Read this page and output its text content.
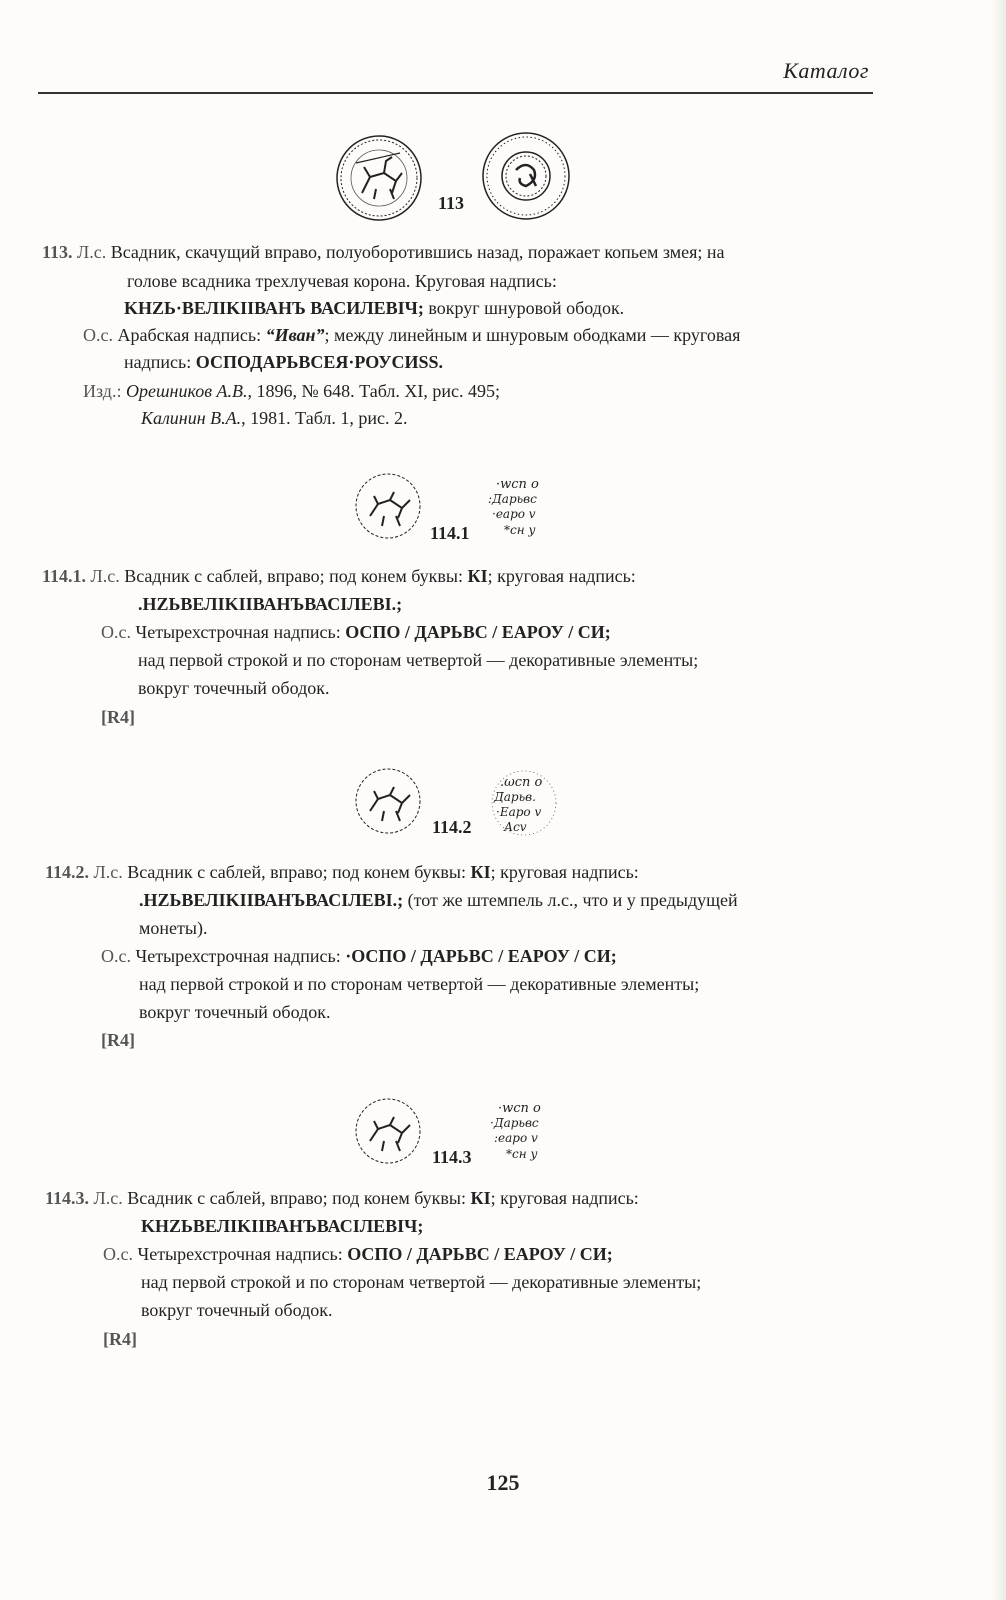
Каталог
113
113. Л.с. Всадник, скачущий вправо, полуоборотившись назад, поражает копьем змея; на
голове всадника трехлучевая корона. Круговая надпись:
KHZЬ·ВЕЛIKIIВАНЪ ВАСИЛЕВIЧ; вокруг шнуровой ободок.
О.с. Арабская надпись: “Иван”; между линейным и шнуровым ободками — круговая
надпись: ОСПОДАРЬВСЕЯ·РОУСИSS.
Изд.: Орешников А.В., 1896, № 648. Табл. XI, рис. 495;
Калинин В.А., 1981. Табл. 1, рис. 2.
·wсп о
:Дарьвс
·еаро v
*сн y
114.1
114.1. Л.с. Всадник с саблей, вправо; под конем буквы: КI; круговая надпись:
.HZЬВЕЛIKIIВАНЪВАСIЛЕВI.;
О.с. Четырехстрочная надпись: ОСПО / ДАРЬВС / ЕАРОУ / СИ;
над первой строкой и по сторонам четвертой — декоративные элементы;
вокруг точечный ободок.
[R4]
.ωсп о
Дарьв.
·Еаро v
Асv
114.2
114.2. Л.с. Всадник с саблей, вправо; под конем буквы: КI; круговая надпись:
.HZЬВЕЛIKIIВАНЪВАСIЛЕВI.; (тот же штемпель л.с., что и у предыдущей
монеты).
О.с. Четырехстрочная надпись: ·ОСПО / ДАРЬВС / ЕАРОУ / СИ;
над первой строкой и по сторонам четвертой — декоративные элементы;
вокруг точечный ободок.
[R4]
·wсп о
·Дарьвс
:еаро v
*сн y
114.3
114.3. Л.с. Всадник с саблей, вправо; под конем буквы: КI; круговая надпись:
KHZЬВЕЛIKIIВАНЪВАСIЛЕВIЧ;
О.с. Четырехстрочная надпись: ОСПО / ДАРЬВС / ЕАРОУ / СИ;
над первой строкой и по сторонам четвертой — декоративные элементы;
вокруг точечный ободок.
[R4]
125
